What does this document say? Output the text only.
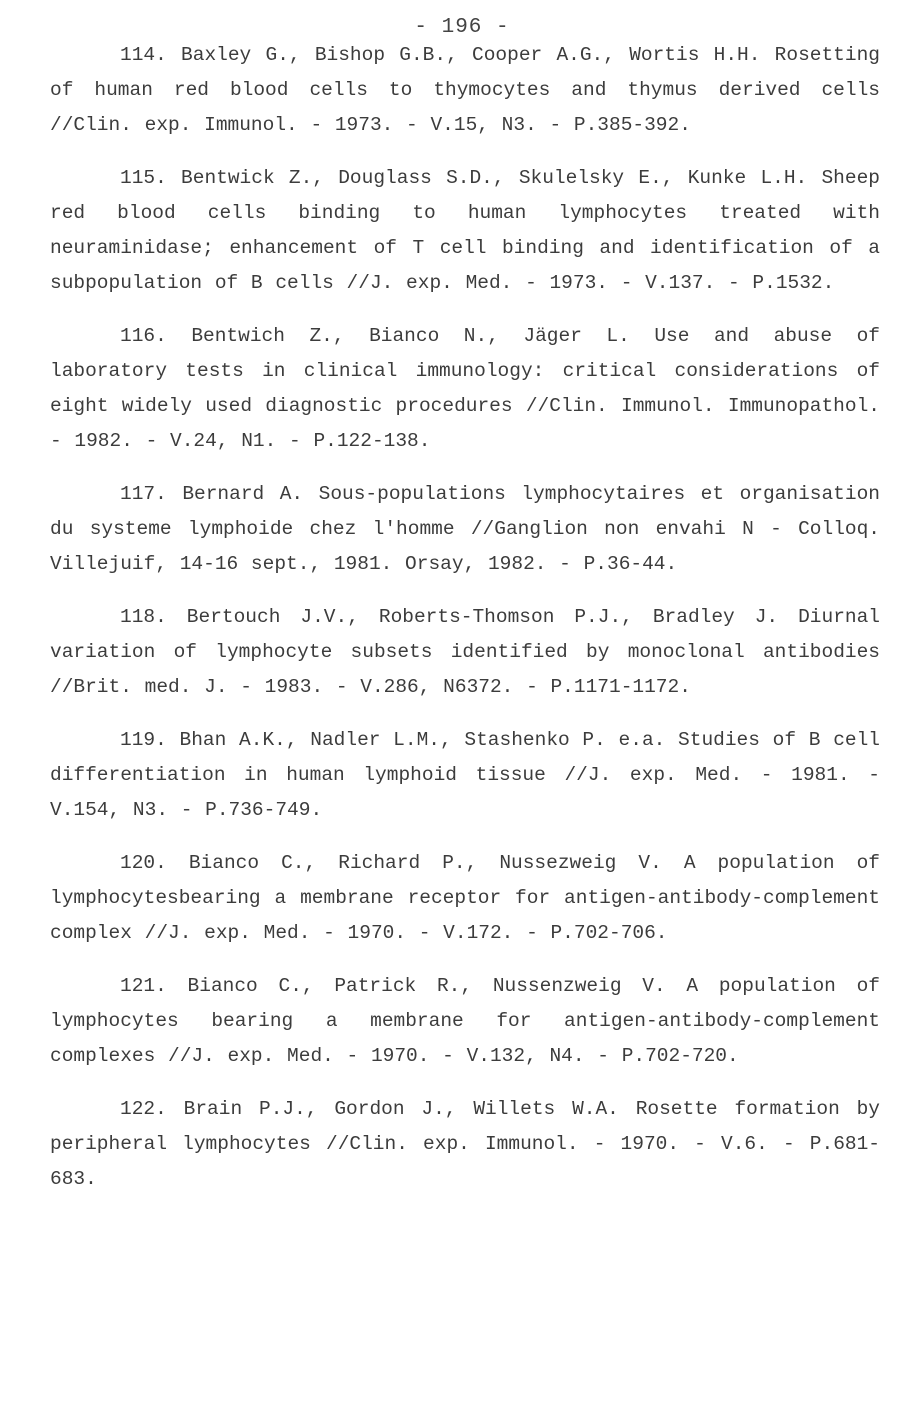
- 196 -

114. Baxley G., Bishop G.B., Cooper A.G., Wortis H.H. Rosetting of human red blood cells to thymocytes and thymus derived cells //Clin. exp. Immunol. - 1973. - V.15, N3. - P.385-392.

115. Bentwick Z., Douglass S.D., Skulelsky E., Kunke L.H. Sheep red blood cells binding to human lymphocytes treated with neuraminidase; enhancement of T cell binding and identification of a subpopulation of B cells //J. exp. Med. - 1973. - V.137. - P.1532.

116. Bentwich Z., Bianco N., Jäger L. Use and abuse of laboratory tests in clinical immunology: critical considerations of eight widely used diagnostic procedures //Clin. Immunol. Immunopathol. - 1982. - V.24, N1. - P.122-138.

117. Bernard A. Sous-populations lymphocytaires et organisation du systeme lymphoide chez l'homme //Ganglion non envahi N - Colloq. Villejuif, 14-16 sept., 1981. Orsay, 1982. - P.36-44.

118. Bertouch J.V., Roberts-Thomson P.J., Bradley J. Diurnal variation of lymphocyte subsets identified by monoclonal antibodies //Brit. med. J. - 1983. - V.286, N6372. - P.1171-1172.

119. Bhan A.K., Nadler L.M., Stashenko P. e.a. Studies of B cell differentiation in human lymphoid tissue //J. exp. Med. - 1981. - V.154, N3. - P.736-749.

120. Bianco C., Richard P., Nussezweig V. A population of lymphocytesbearing a membrane receptor for antigen-antibody-complement complex //J. exp. Med. - 1970. - V.172. - P.702-706.

121. Bianco C., Patrick R., Nussenzweig V. A population of lymphocytes bearing a membrane for antigen-antibody-complement complexes //J. exp. Med. - 1970. - V.132, N4. - P.702-720.

122. Brain P.J., Gordon J., Willets W.A. Rosette formation by peripheral lymphocytes //Clin. exp. Immunol. - 1970. - V.6. - P.681-683.
